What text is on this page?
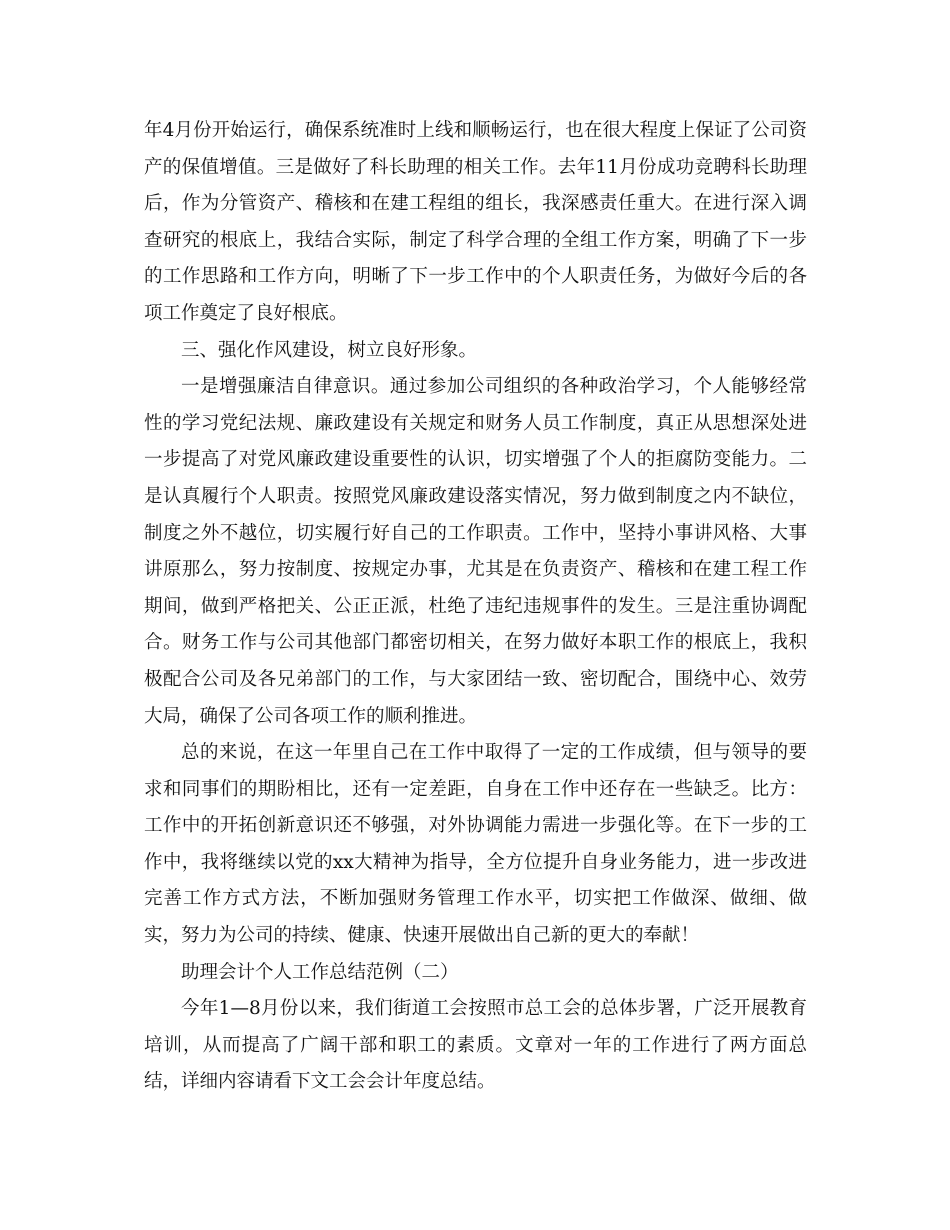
年4月份开始运行，确保系统准时上线和顺畅运行，也在很大程度上保证了公司资产的保值增值。三是做好了科长助理的相关工作。去年11月份成功竞聘科长助理后，作为分管资产、稽核和在建工程组的组长，我深感责任重大。在进行深入调查研究的根底上，我结合实际，制定了科学合理的全组工作方案，明确了下一步的工作思路和工作方向，明晰了下一步工作中的个人职责任务，为做好今后的各项工作奠定了良好根底。

三、强化作风建设，树立良好形象。

一是增强廉洁自律意识。通过参加公司组织的各种政治学习，个人能够经常性的学习党纪法规、廉政建设有关规定和财务人员工作制度，真正从思想深处进一步提高了对党风廉政建设重要性的认识，切实增强了个人的拒腐防变能力。二是认真履行个人职责。按照党风廉政建设落实情况，努力做到制度之内不缺位，制度之外不越位，切实履行好自己的工作职责。工作中，坚持小事讲风格、大事讲原那么，努力按制度、按规定办事，尤其是在负责资产、稽核和在建工程工作期间，做到严格把关、公正正派，杜绝了违纪违规事件的发生。三是注重协调配合。财务工作与公司其他部门都密切相关，在努力做好本职工作的根底上，我积极配合公司及各兄弟部门的工作，与大家团结一致、密切配合，围绕中心、效劳大局，确保了公司各项工作的顺利推进。

总的来说，在这一年里自己在工作中取得了一定的工作成绩，但与领导的要求和同事们的期盼相比，还有一定差距，自身在工作中还存在一些缺乏。比方：工作中的开拓创新意识还不够强，对外协调能力需进一步强化等。在下一步的工作中，我将继续以党的xx大精神为指导，全方位提升自身业务能力，进一步改进完善工作方式方法，不断加强财务管理工作水平，切实把工作做深、做细、做实，努力为公司的持续、健康、快速开展做出自己新的更大的奉献！

助理会计个人工作总结范例（二）

今年1—8月份以来，我们街道工会按照市总工会的总体步署，广泛开展教育培训，从而提高了广阔干部和职工的素质。文章对一年的工作进行了两方面总结，详细内容请看下文工会会计年度总结。
